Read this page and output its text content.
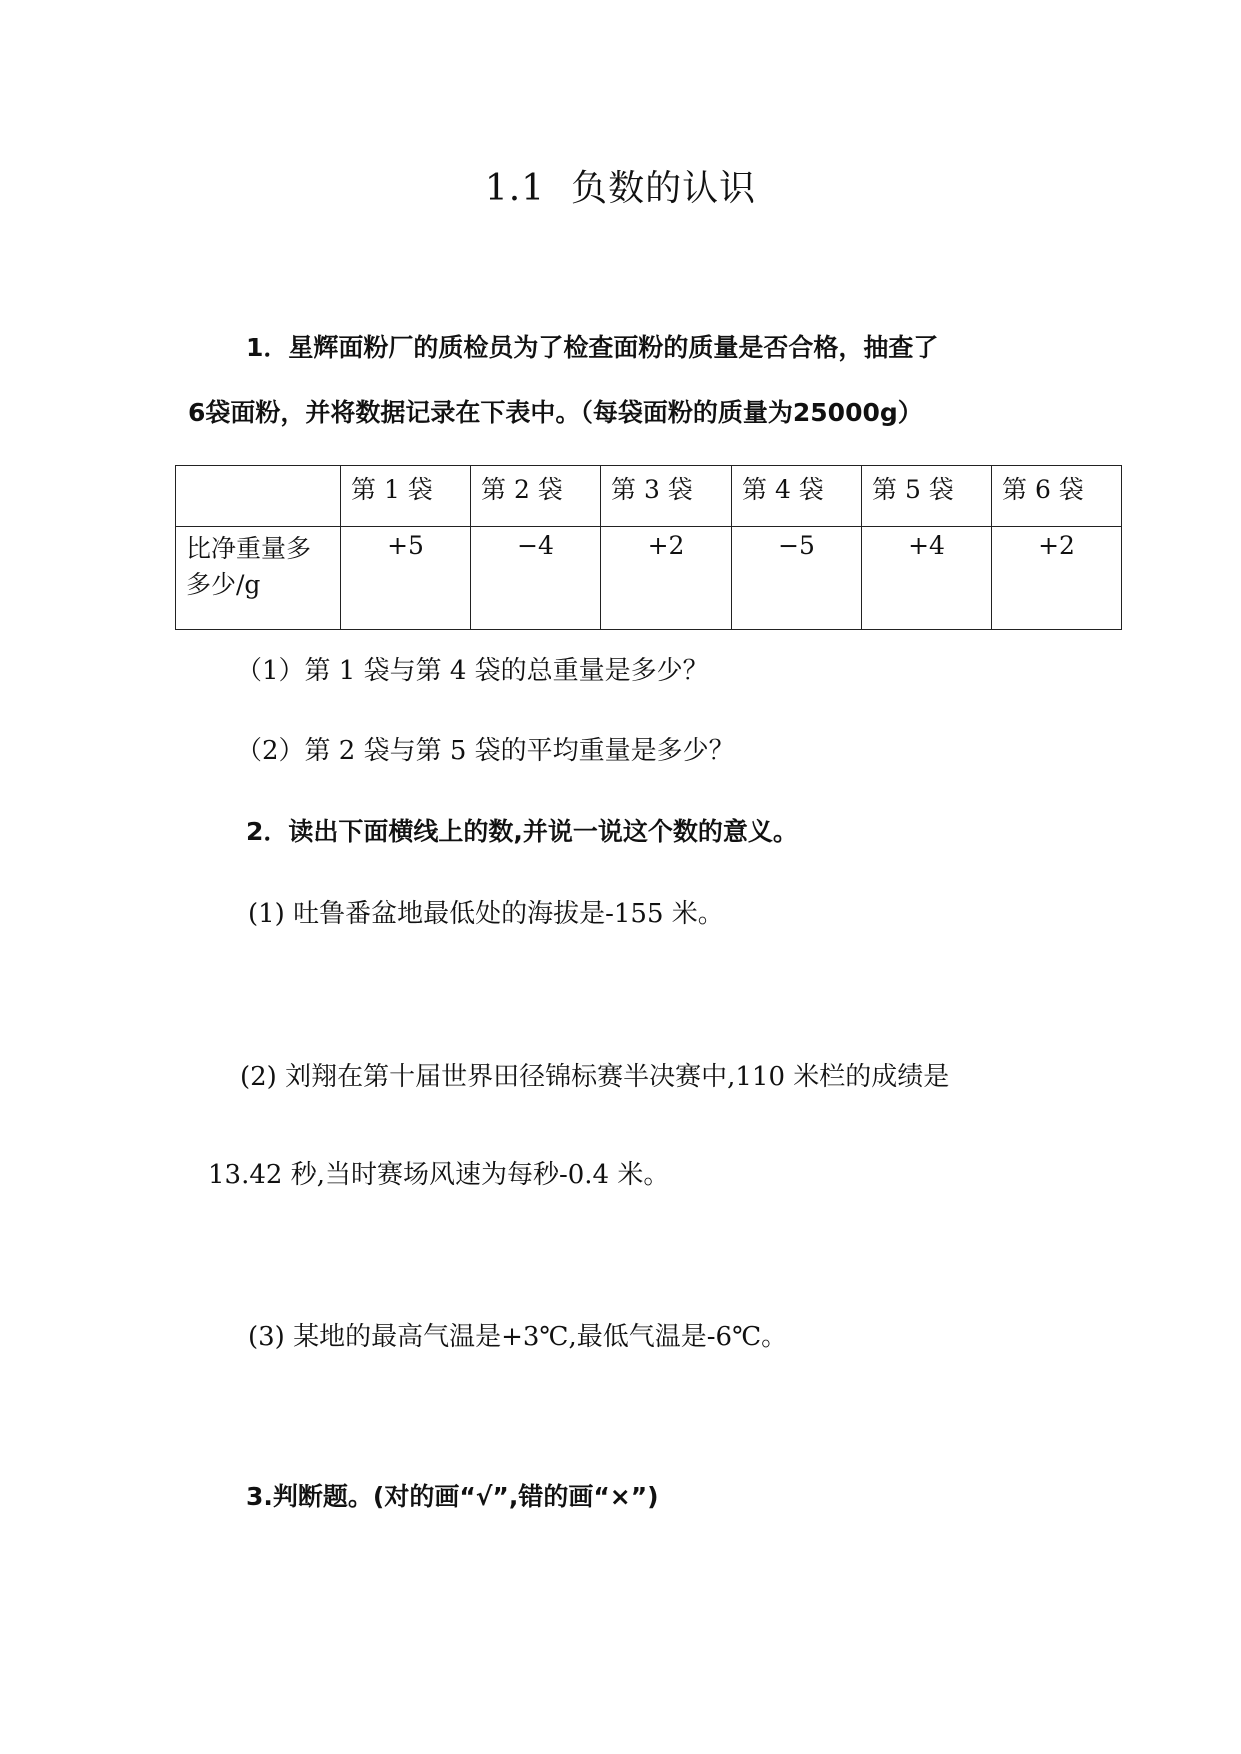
1.1 负数的认识
1．星辉面粉厂的质检员为了检查面粉的质量是否合格，抽查了
6袋面粉，并将数据记录在下表中。（每袋面粉的质量为25000g）
	第 1 袋	第 2 袋	第 3 袋	第 4 袋	第 5 袋	第 6 袋
比净重量多多少/g	+5	−4	+2	−5	+4	+2
（1）第 1 袋与第 4 袋的总重量是多少？
（2）第 2 袋与第 5 袋的平均重量是多少？
2．读出下面横线上的数,并说一说这个数的意义。
(1) 吐鲁番盆地最低处的海拔是-155 米。
(2) 刘翔在第十届世界田径锦标赛半决赛中,110 米栏的成绩是
13.42 秒,当时赛场风速为每秒-0.4 米。
(3) 某地的最高气温是+3℃,最低气温是-6℃。
3.判断题。(对的画“√”,错的画“×”)
